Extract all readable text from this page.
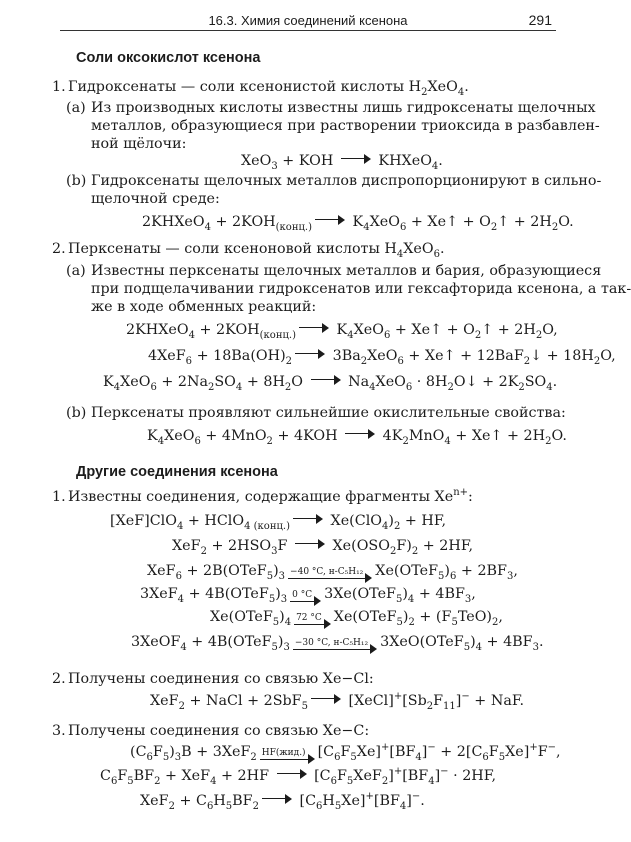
16.3. Химия соединений ксенона	291
Соли оксокислот ксенона
1. Гидроксенаты — соли ксенонистой кислоты $H_2XeO_4$.
(a) Из производных кислоты известны лишь гидроксенаты щелочных
металлов, образующиеся при растворении триоксида в разбавлен-
ной щёлочи:
XeO$_3$ + KOH	KHXeO$_4$.
(b) Гидроксенаты щелочных металлов диспропорционируют в сильно-
щелочной среде:
2KHXeO$_4$ + $2KOH_{(конц.)}$	$K_4XeO_6$ + Xe↑ + $O_2↑ + 2H_2O$.
2. Перксенаты — соли ксеноновой кислоты $H_4XeO_6$.
(a) Известны перксенаты щелочных металлов и бария, образующиеся
при подщелачивании гидроксенатов или гексафторида ксенона, а так-
же в ходе обменных реакций:
2KHXeO$_4$ + $2KOH_{(конц.)}$	$K_4XeO_6$ + Xe↑ + $O_2↑ + 2H_2O$,
$4XeF_6 + 18Ba(OH)_2$	$3Ba_2XeO_6$ + Xe↑ + 12BaF$_2$↓ + $18H_2O$,
$K_4XeO_6 + 2Na_2SO_4 + 8H_2O$	$Na_4XeO_6$ · $8H_2O↓ + 2K_2SO_4$.
(b) Перксенаты проявляют сильнейшие окислительные свойства:
$K_4XeO_6 + 4MnO_2 + 4KOH$	$4K_2MnO_4$ + Xe↑ + $2H_2O$.
Другие соединения ксенона
1. Известны соединения, содержащие фрагменты $Xe^{n+}$:
[XeF]ClO$_4$ + HClO$_{4 (конц.)}$	$Xe(ClO_4)_2$ + HF,
$XeF_2 + 2HSO_3F$	$Xe(OSO_2F)_2 + 2HF$,
$XeF_6 + 2B(OTeF_5)_3 -40$ °C, н-C₅H₁₂ $Xe(OTeF_5)_6 + 2BF_3$,
$3XeF_4 + 4B(OTeF_5)_3$ 0 °C $3Xe(OTeF_5)_4 + 4BF_3$,
$Xe(OTeF_5)_4$ 72 °C $Xe(OTeF_5)_2 + (F_5TeO)_2$,
3XeOF$_4$ + $4B(OTeF_5)_3 -30$ °C, н-C₅H₁₂ $3XeO(OTeF_5)_4 + 4BF_3$.
2. Получены соединения со связью Xe−Cl:
XeF$_2$ + NaCl + 2SbF$_5$	$[XeCl]^+[Sb_2F_{11}]^-$ + NaF.
3. Получены соединения со связью Xe−C:
$(C_6F_5)_3B + 3XeF_2$ HF(жид.) $[C_6F_5Xe]^+[BF_4]^- + 2[C_6F_5Xe]^+F^-$,
$C_6F_5BF_2 + XeF_4 + 2HF$	$[C_6F_5XeF_2]^+[BF_4]^- \cdot 2HF$,
$XeF_2 + C_6H_5BF_2$	$[C_6H_5Xe]^+[BF_4]^-$.
